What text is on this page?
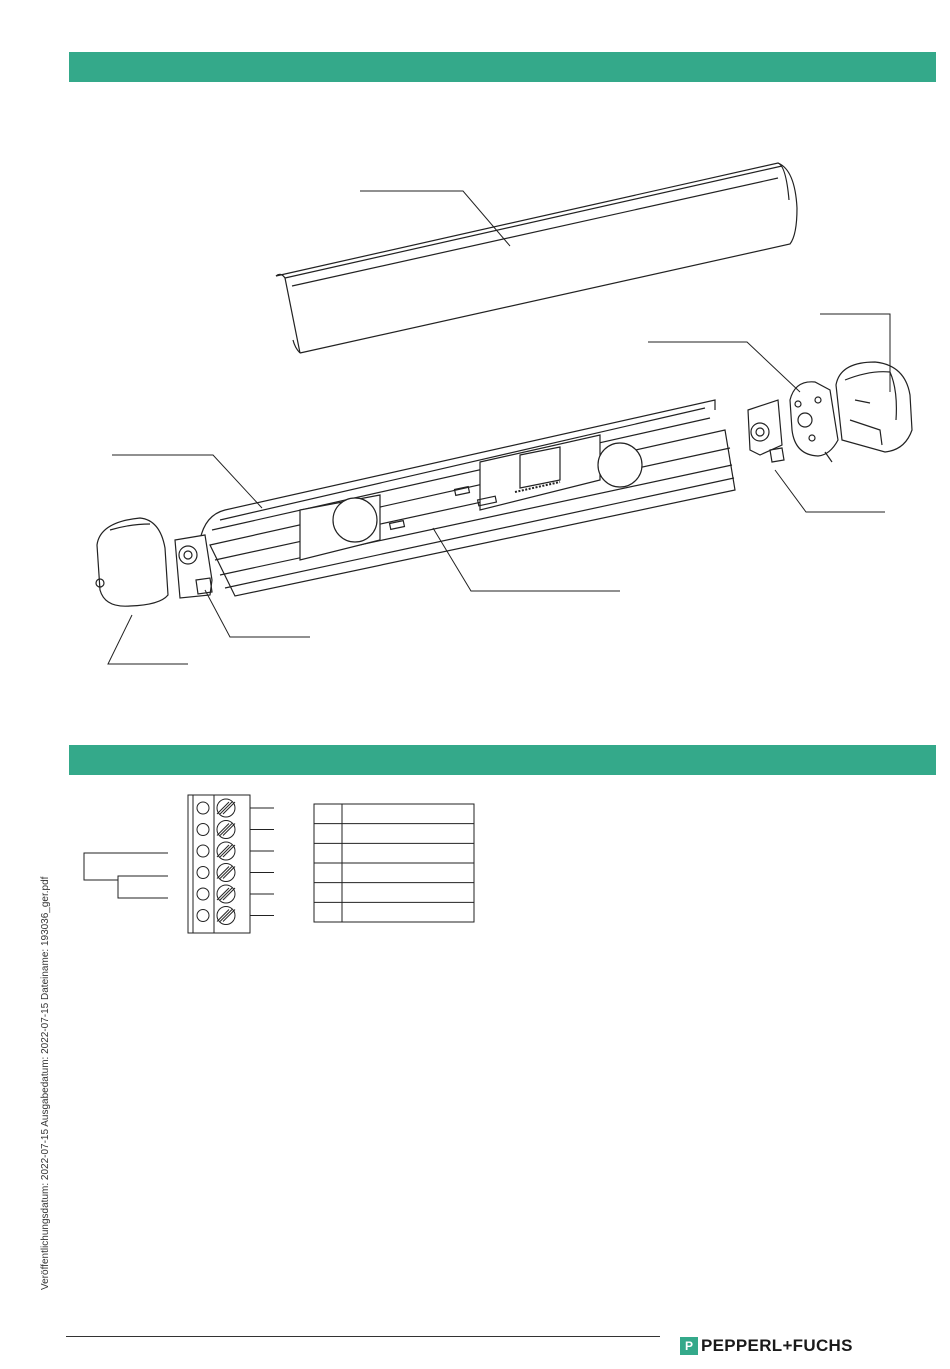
Veröffentlichungsdatum: 2022-07-15 Ausgabedatum: 2022-07-15 Dateiname: 193036_ger.pdf
P PEPPERL+FUCHS
